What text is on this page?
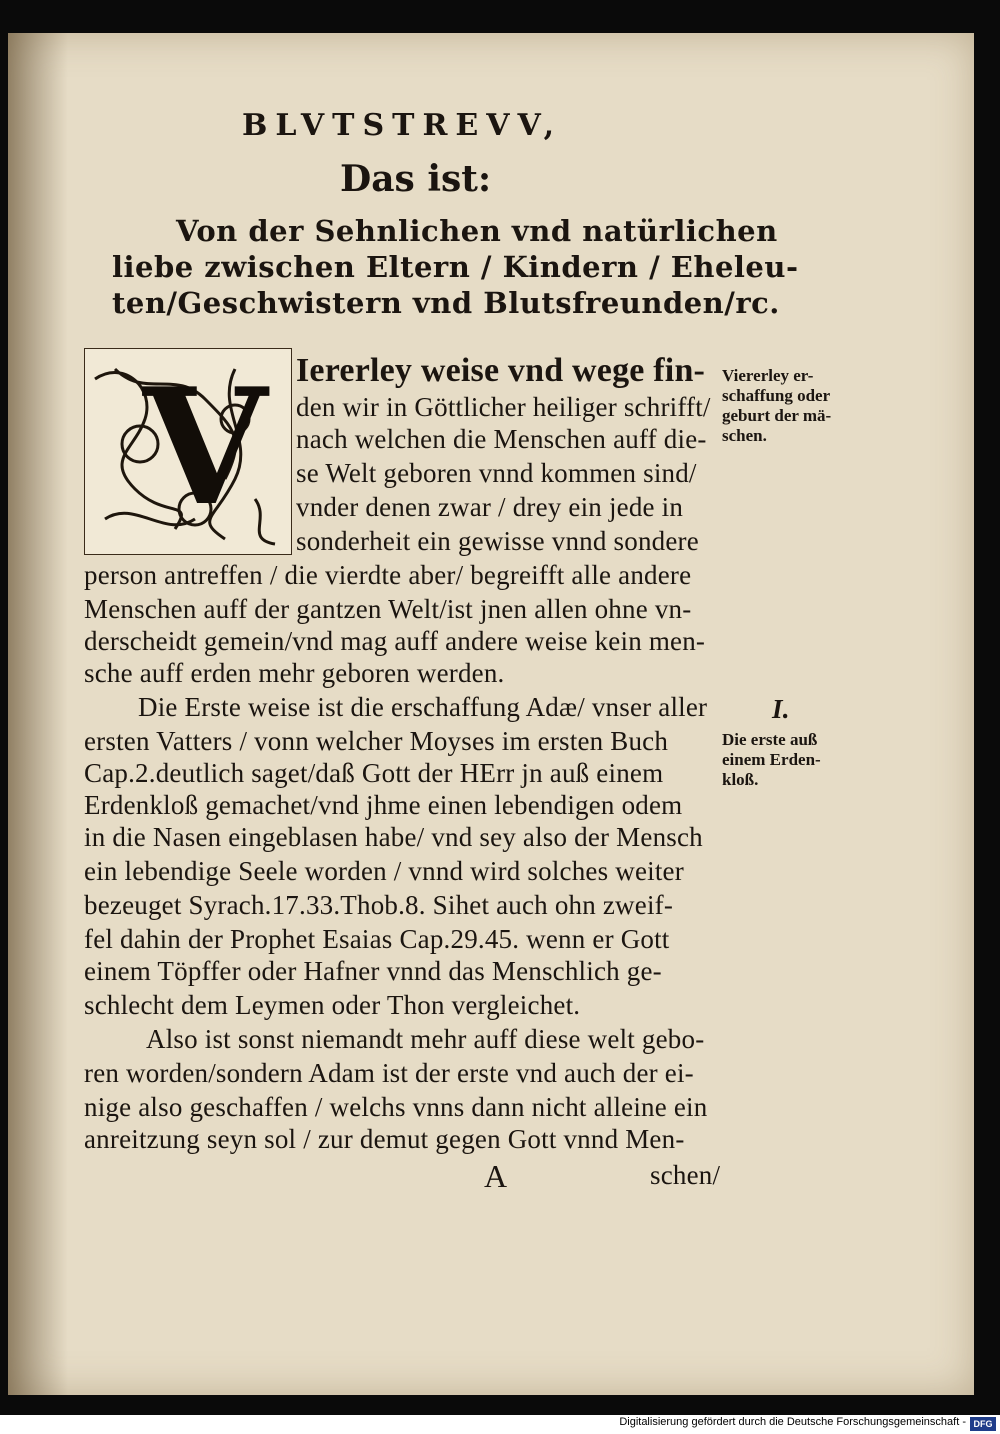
BLVTSTREVV,
Das ist:
Von der Sehnlichen vnd natürlichen
liebe zwischen Eltern / Kindern / Eheleu-
ten/Geschwistern vnd Blutsfreunden/rc.
V Iererley weise vnd wege fin-
den wir in Göttlicher heiliger schrifft/
nach welchen die Menschen auff die-
se Welt geboren vnnd kommen sind/
vnder denen zwar / drey ein jede in
sonderheit ein gewisse vnnd sondere
person antreffen / die vierdte aber/ begreifft alle andere
Menschen auff der gantzen Welt/ist jnen allen ohne vn-
derscheidt gemein/vnd mag auff andere weise kein men-
sche auff erden mehr geboren werden.
Die Erste weise ist die erschaffung Adæ/ vnser aller
ersten Vatters / vonn welcher Moyses im ersten Buch
Cap.2.deutlich saget/daß Gott der HErr jn auß einem
Erdenkloß gemachet/vnd jhme einen lebendigen odem
in die Nasen eingeblasen habe/ vnd sey also der Mensch
ein lebendige Seele worden / vnnd wird solches weiter
bezeuget Syrach.17.33.Thob.8. Sihet auch ohn zweif-
fel dahin der Prophet Esaias Cap.29.45. wenn er Gott
einem Töpffer oder Hafner vnnd das Menschlich ge-
schlecht dem Leymen oder Thon vergleichet.
Also ist sonst niemandt mehr auff diese welt gebo-
ren worden/sondern Adam ist der erste vnd auch der ei-
nige also geschaffen / welchs vnns dann nicht alleine ein
anreitzung seyn sol / zur demut gegen Gott vnnd Men-
A	schen/
Viererley er-
schaffung oder
geburt der mä-
schen.
I.
Die erste auß
einem Erden-
kloß.
Digitalisierung gefördert durch die Deutsche Forschungsgemeinschaft - DFG
